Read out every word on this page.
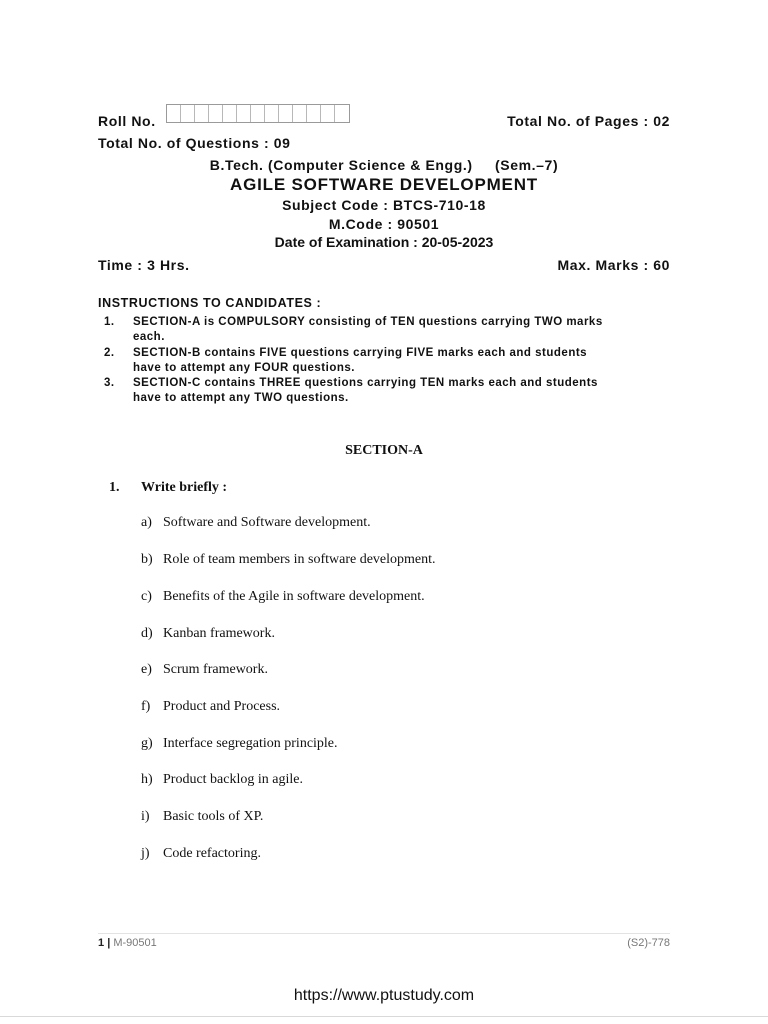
Roll No.	Total No. of Pages : 02
Total No. of Questions : 09
B.Tech. (Computer Science & Engg.)     (Sem.–7)
AGILE SOFTWARE DEVELOPMENT
Subject Code : BTCS-710-18
M.Code : 90501
Date of Examination : 20-05-2023
Time : 3 Hrs.	Max. Marks : 60
INSTRUCTIONS TO CANDIDATES :
1. SECTION-A is COMPULSORY consisting of TEN questions carrying TWO marks
each.
2. SECTION-B contains FIVE questions carrying FIVE marks each and students
have to attempt any FOUR questions.
3. SECTION-C contains THREE questions carrying TEN marks each and students
have to attempt any TWO questions.
SECTION-A
1. Write briefly :
a) Software and Software development.
b) Role of team members in software development.
c) Benefits of the Agile in software development.
d) Kanban framework.
e) Scrum framework.
f) Product and Process.
g) Interface segregation principle.
h) Product backlog in agile.
i) Basic tools of XP.
j) Code refactoring.
1 | M-90501	(S2)-778
https://www.ptustudy.com
